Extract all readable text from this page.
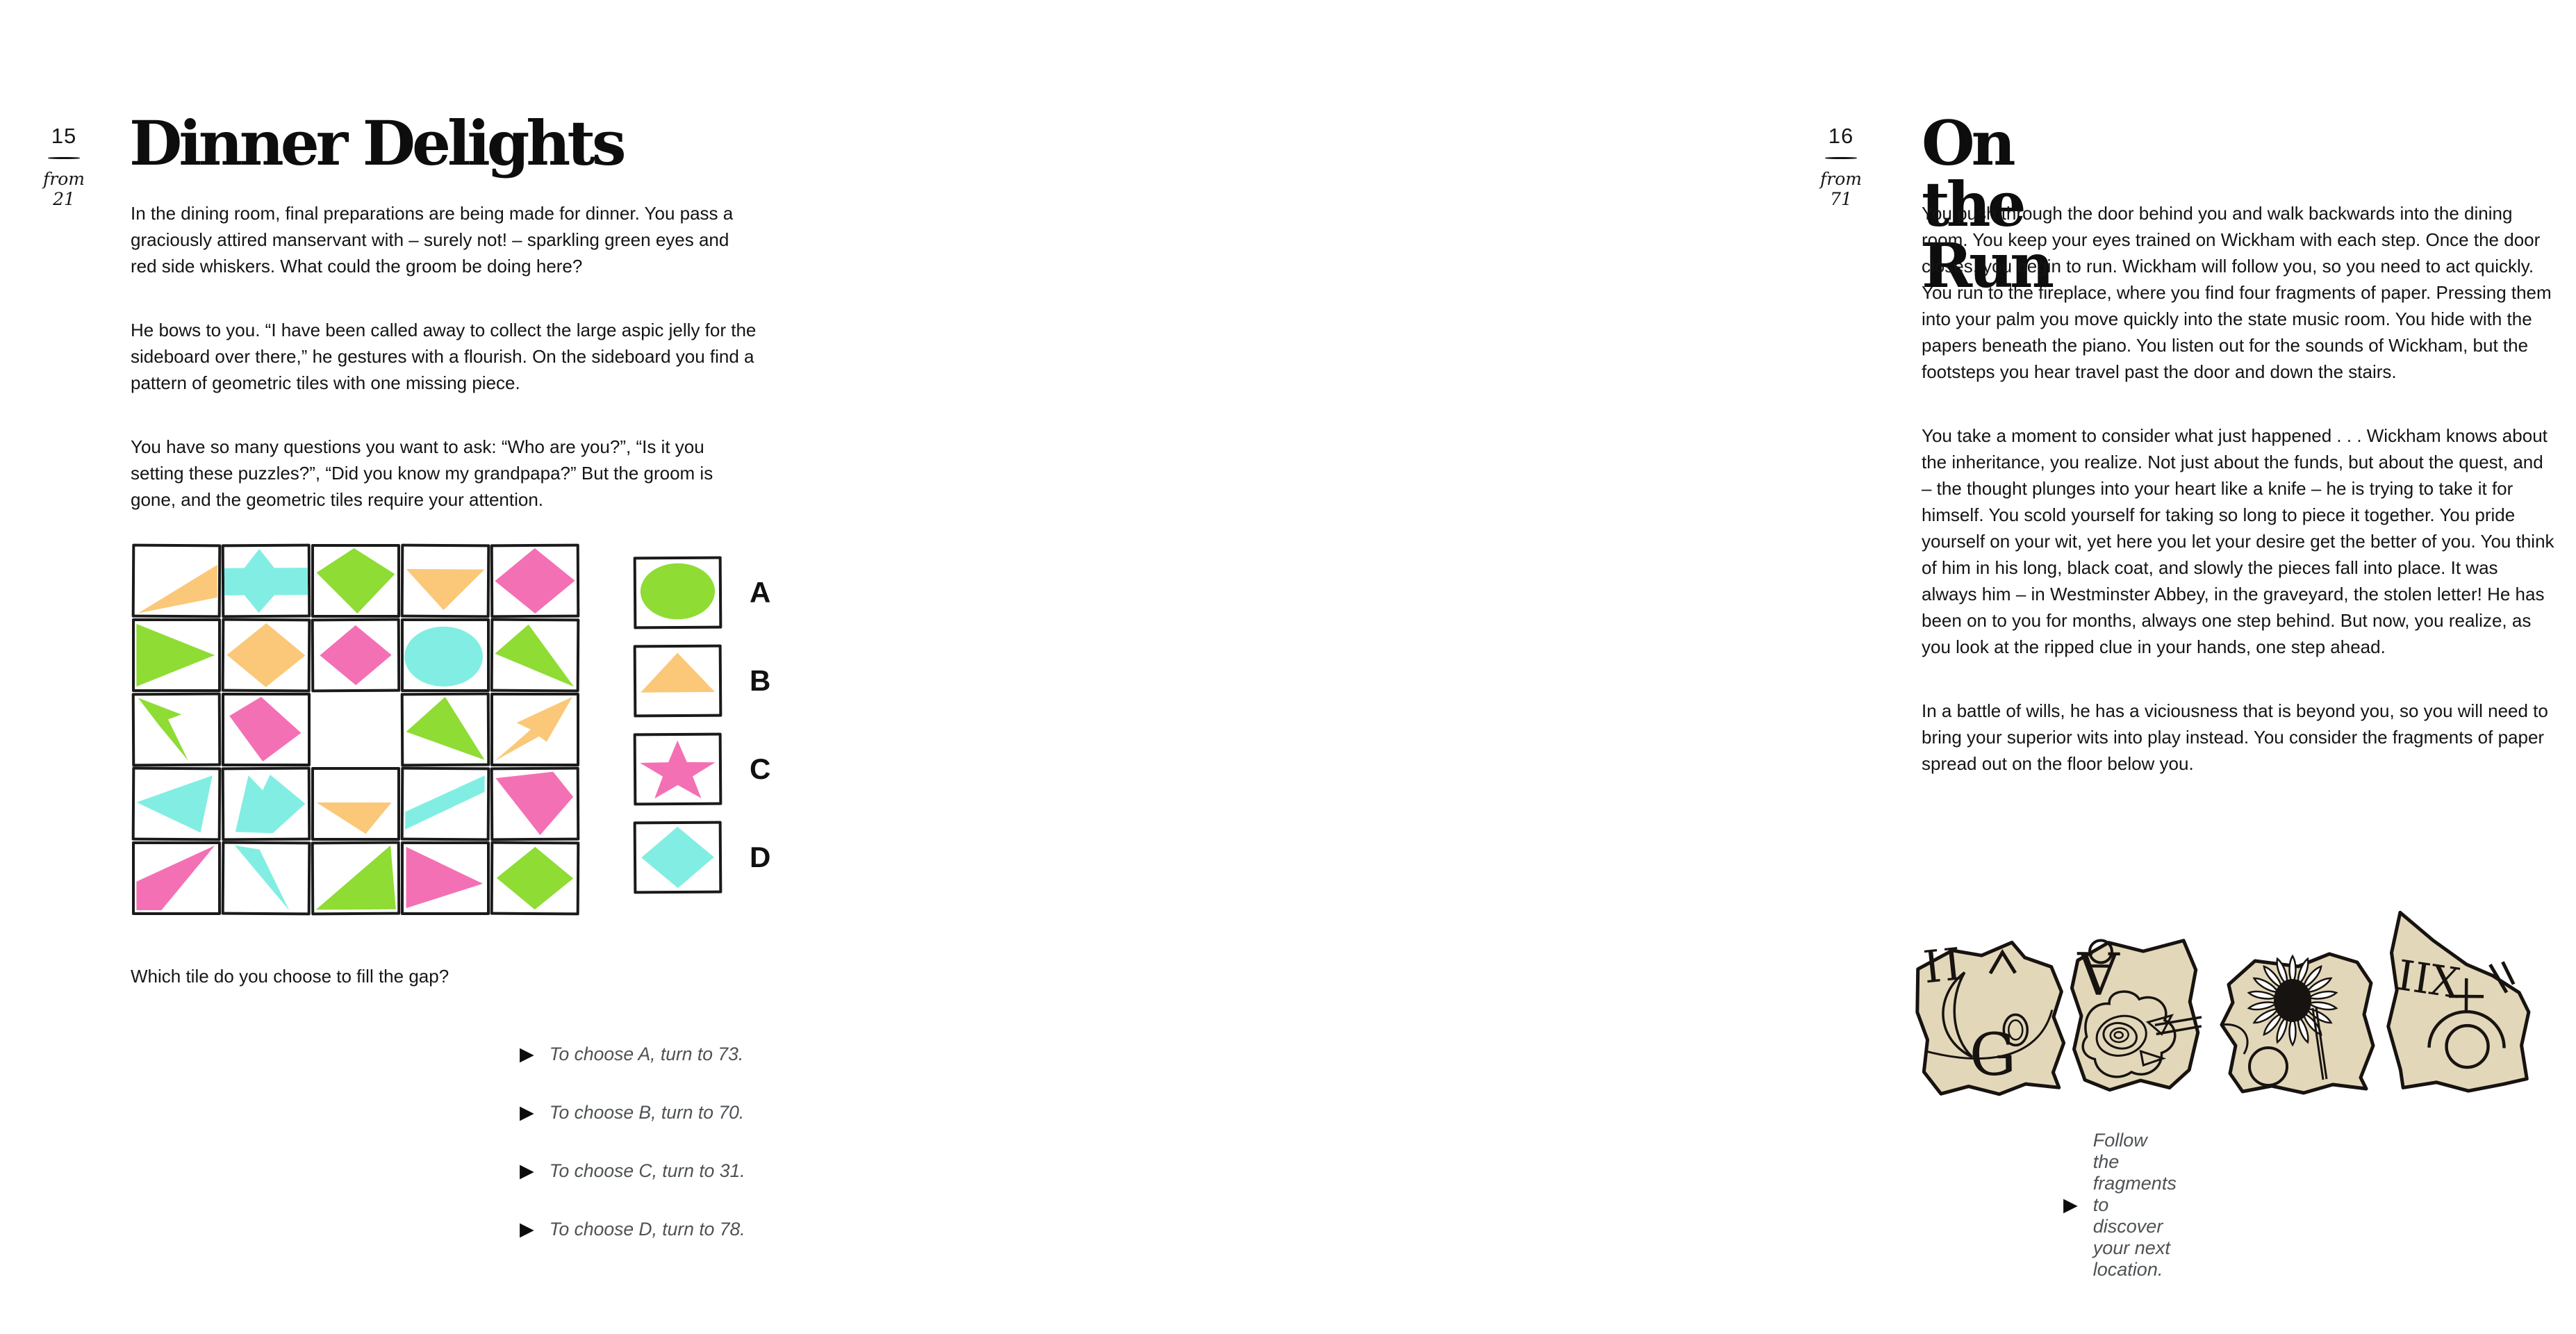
15
from
21
Dinner Delights

In the dining room, final preparations are being made for dinner. You pass a graciously attired manservant with – surely not! – sparkling green eyes and red side whiskers. What could the groom be doing here?

He bows to you. “I have been called away to collect the large aspic jelly for the sideboard over there,” he gestures with a flourish. On the sideboard you find a pattern of geometric tiles with one missing piece.

You have so many questions you want to ask: “Who are you?”, “Is it you setting these puzzles?”, “Did you know my grandpapa?” But the groom is gone, and the geometric tiles require your attention.

A
B
C
D

Which tile do you choose to fill the gap?

▶ To choose A, turn to 73.
▶ To choose B, turn to 70.
▶ To choose C, turn to 31.
▶ To choose D, turn to 78.
16
from
71
On the Run

You push through the door behind you and walk backwards into the dining room. You keep your eyes trained on Wickham with each step. Once the door closes, you begin to run. Wickham will follow you, so you need to act quickly. You run to the fireplace, where you find four fragments of paper. Pressing them into your palm you move quickly into the state music room. You hide with the papers beneath the piano. You listen out for the sounds of Wickham, but the footsteps you hear travel past the door and down the stairs.

You take a moment to consider what just happened . . . Wickham knows about the inheritance, you realize. Not just about the funds, but about the quest, and – the thought plunges into your heart like a knife – he is trying to take it for himself. You scold yourself for taking so long to piece it together. You pride yourself on your wit, yet here you let your desire get the better of you. You think of him in his long, black coat, and slowly the pieces fall into place. It was always him – in Westminster Abbey, in the graveyard, the stolen letter! He has been on to you for months, always one step behind. But now, you realize, as you look at the ripped clue in your hands, one step ahead.

In a battle of wills, he has a viciousness that is beyond you, so you will need to bring your superior wits into play instead. You consider the fragments of paper spread out on the floor below you.

II
G
A	IIX
▶
Follow the fragments to discover your next location.
